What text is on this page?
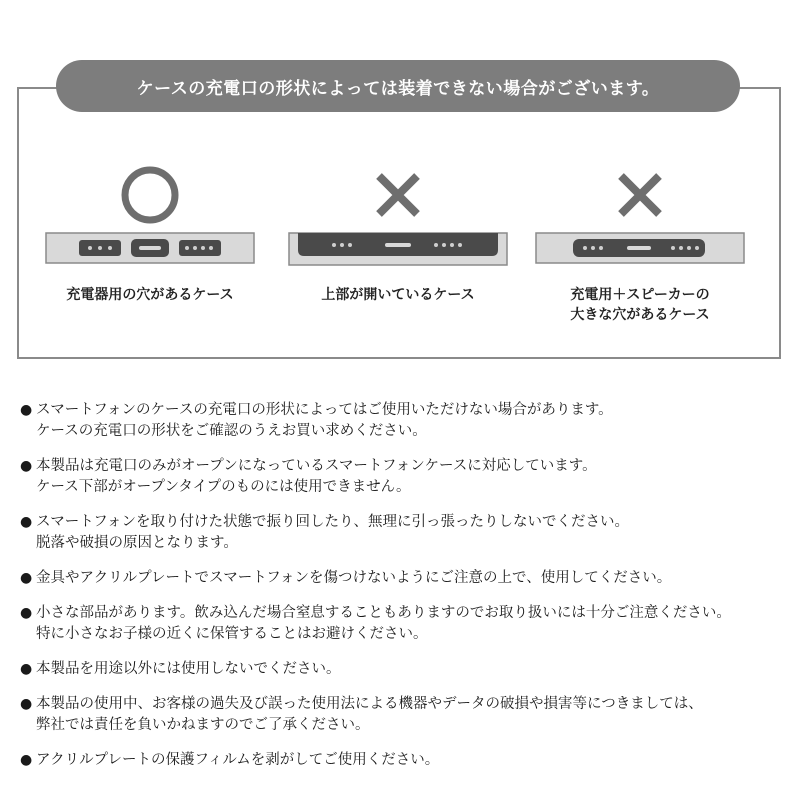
ケースの充電口の形状によっては装着できない場合がございます。
充電器用の穴があるケース	上部が開いているケース	充電用＋スピーカーの
大きな穴があるケース
● スマートフォンのケースの充電口の形状によってはご使用いただけない場合があります。
ケースの充電口の形状をご確認のうえお買い求めください。
● 本製品は充電口のみがオープンになっているスマートフォンケースに対応しています。
ケース下部がオープンタイプのものには使用できません。
● スマートフォンを取り付けた状態で振り回したり、無理に引っ張ったりしないでください。
脱落や破損の原因となります。
● 金具やアクリルプレートでスマートフォンを傷つけないようにご注意の上で、使用してください。
● 小さな部品があります。飲み込んだ場合窒息することもありますのでお取り扱いには十分ご注意ください。
特に小さなお子様の近くに保管することはお避けください。
● 本製品を用途以外には使用しないでください。
● 本製品の使用中、お客様の過失及び誤った使用法による機器やデータの破損や損害等につきましては、
弊社では責任を負いかねますのでご了承ください。
● アクリルプレートの保護フィルムを剥がしてご使用ください。
